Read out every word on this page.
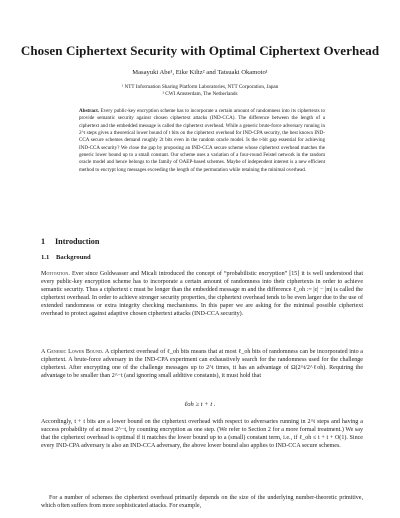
Chosen Ciphertext Security with Optimal Ciphertext Overhead
Masayuki Abe¹, Eike Kiltz² and Tatsuaki Okamoto¹
¹ NTT Information Sharing Platform Laboratories, NTT Corporation, Japan
² CWI Amsterdam, The Netherlands
Abstract. Every public-key encryption scheme has to incorporate a certain amount of randomness into its ciphertexts to provide semantic security against chosen ciphertext attacks (IND-CCA). The difference between the length of a ciphertext and the embedded message is called the ciphertext overhead. While a generic brute-force adversary running in 2^t steps gives a theoretical lower bound of t bits on the ciphertext overhead for IND-CPA security, the best known IND-CCA secure schemes demand roughly 2t bits even in the random oracle model. Is the t-bit gap essential for achieving IND-CCA security? We close the gap by proposing an IND-CCA secure scheme whose ciphertext overhead matches the generic lower bound up to a small constant. Our scheme uses a variation of a four-round Feistel network in the random oracle model and hence belongs to the family of OAEP-based schemes. Maybe of independent interest is a new efficient method to encrypt long messages exceeding the length of the permutation while retaining the minimal overhead.
1 Introduction
1.1 Background
Motivation. Ever since Goldwasser and Micali introduced the concept of “probabilistic encryption” [15] it is well understood that every public-key encryption scheme has to incorporate a certain amount of randomness into their ciphertexts in order to achieve semantic security. Thus a ciphertext c must be longer than the embedded message m and the difference ℓ_oh := |c| − |m| is called the ciphertext overhead. In order to achieve stronger security properties, the ciphertext overhead tends to be even larger due to the use of extended randomness or extra integrity checking mechanisms. In this paper we are asking for the minimal possible ciphertext overhead to protect against adaptive chosen ciphertext attacks (IND-CCA security).
A Generic Lower Bound. A ciphertext overhead of ℓ_oh bits means that at most ℓ_oh bits of randomness can be incorporated into a ciphertext. A brute-force adversary in the IND-CPA experiment can exhaustively search for the randomness used for the challenge ciphertext. After encrypting one of the challenge messages up to 2^t times, it has an advantage of Ω(2^t/2^ℓoh). Requiring the advantage to be smaller than 2^−t (and ignoring small additive constants), it must hold that
ℓoh ≥ t + t .
Accordingly, t + t bits are a lower bound on the ciphertext overhead with respect to adversaries running in 2^t steps and having a success probability of at most 2^−t, by counting encryption as one step. (We refer to Section 2 for a more formal treatment.) We say that the ciphertext overhead is optimal if it matches the lower bound up to a (small) constant term, i.e., if ℓ_oh ≤ t + t + O(1). Since every IND-CPA adversary is also an IND-CCA adversary, the above lower bound also applies to IND-CCA secure schemes.
For a number of schemes the ciphertext overhead primarily depends on the size of the underlying number-theoretic primitive, which often suffers from more sophisticated attacks. For example,
